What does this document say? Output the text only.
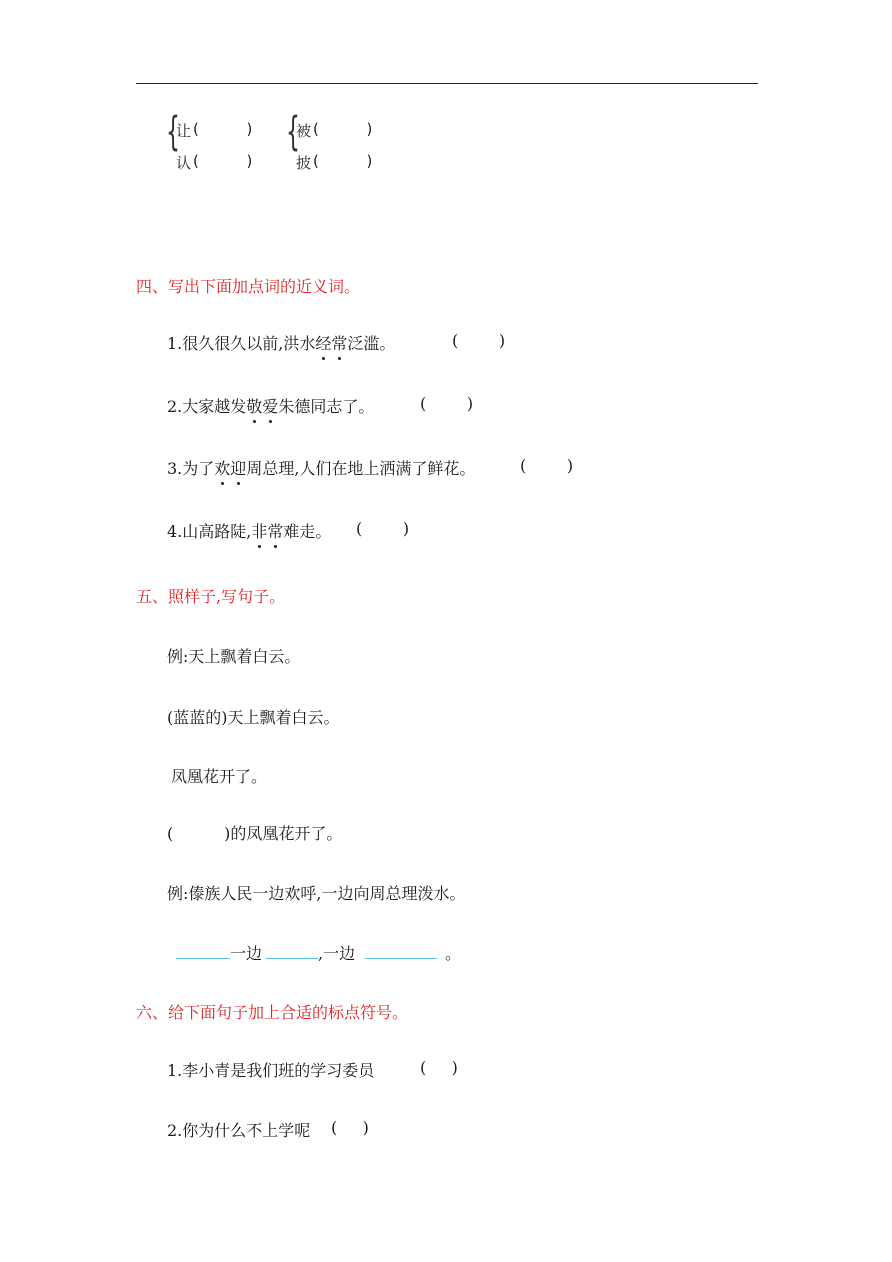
{
让 (          )
认 (          )
{
被 (          )
披 (          )
四、写出下面加点词的近义词。
1.很久很久以前,洪水经常泛滥。	(        )
2.大家越发敬爱朱德同志了。	(        )
3.为了欢迎周总理,人们在地上洒满了鲜花。	(        )
4.山高路陡,非常难走。 (        )
五、照样子,写句子。
例:天上飘着白云。
(蓝蓝的)天上飘着白云。
凤凰花开了。
(          )的凤凰花开了。
例:傣族人民一边欢呼,一边向周总理泼水。
一边	,一边	。
六、给下面句子加上合适的标点符号。
1.李小青是我们班的学习委员	(     )
2.你为什么不上学呢 (     )
